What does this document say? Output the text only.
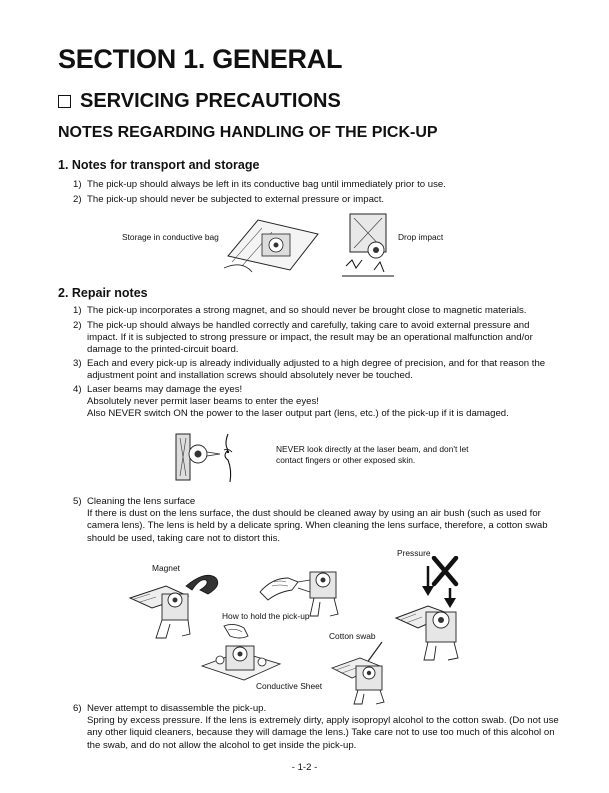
SECTION 1. GENERAL
SERVICING PRECAUTIONS
NOTES REGARDING HANDLING OF THE PICK-UP
1. Notes for transport and storage

1) The pick-up should always be left in its conductive bag until immediately prior to use.

2) The pick-up should never be subjected to external pressure or impact.

Storage in conductive bag	Drop impact
2. Repair notes

1) The pick-up incorporates a strong magnet, and so should never be brought close to magnetic materials.

2) The pick-up should always be handled correctly and carefully, taking care to avoid external pressure and impact. If it is subjected to strong pressure or impact, the result may be an operational malfunction and/or damage to the printed-circuit board.

3) Each and every pick-up is already individually adjusted to a high degree of precision, and for that reason the adjustment point and installation screws should absolutely never be touched.

4) Laser beams may damage the eyes!
Absolutely never permit laser beams to enter the eyes!
Also NEVER switch ON the power to the laser output part (lens, etc.) of the pick-up if it is damaged.

NEVER look directly at the laser beam, and don't let contact fingers or other exposed skin.

5) Cleaning the lens surface
If there is dust on the lens surface, the dust should be cleaned away by using an air bush (such as used for camera lens). The lens is held by a delicate spring. When cleaning the lens surface, therefore, a cotton swab should be used, taking care not to distort this.

Pressure
Magnet
How to hold the pick-up
Conductive Sheet
Cotton swab

6) Never attempt to disassemble the pick-up.
Spring by excess pressure. If the lens is extremely dirty, apply isopropyl alcohol to the cotton swab. (Do not use any other liquid cleaners, because they will damage the lens.) Take care not to use too much of this alcohol on the swab, and do not allow the alcohol to get inside the pick-up.

- 1-2 -
